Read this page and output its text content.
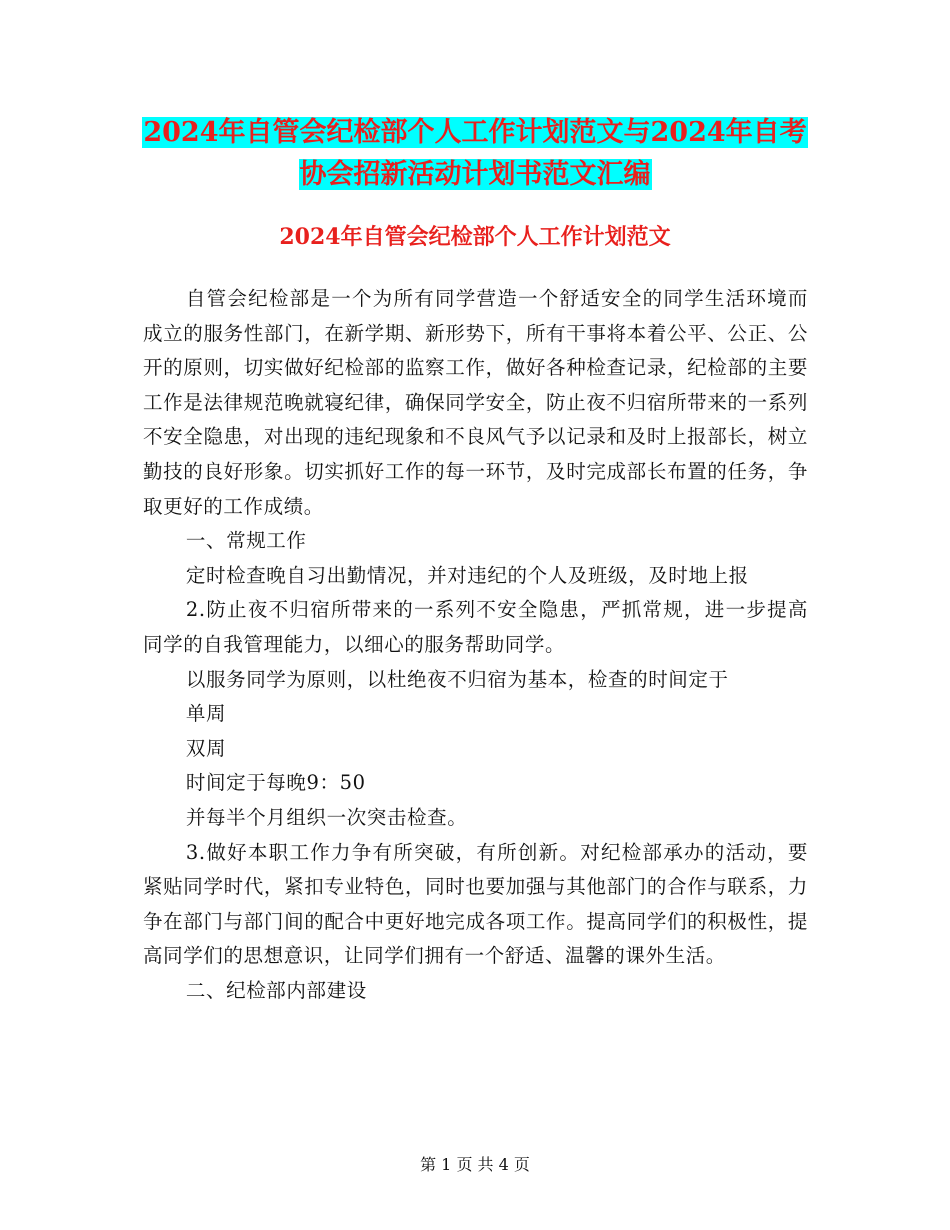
2024年自管会纪检部个人工作计划范文与2024年自考
协会招新活动计划书范文汇编
2024年自管会纪检部个人工作计划范文

自管会纪检部是一个为所有同学营造一个舒适安全的同学生活环境而成立的服务性部门，在新学期、新形势下，所有干事将本着公平、公正、公开的原则，切实做好纪检部的监察工作，做好各种检查记录，纪检部的主要工作是法律规范晚就寝纪律，确保同学安全，防止夜不归宿所带来的一系列不安全隐患，对出现的违纪现象和不良风气予以记录和及时上报部长，树立勤技的良好形象。切实抓好工作的每一环节，及时完成部长布置的任务，争取更好的工作成绩。

一、常规工作

定时检查晚自习出勤情况，并对违纪的个人及班级，及时地上报

2.防止夜不归宿所带来的一系列不安全隐患，严抓常规，进一步提高同学的自我管理能力，以细心的服务帮助同学。

以服务同学为原则，以杜绝夜不归宿为基本，检查的时间定于

单周

双周

时间定于每晚9：50

并每半个月组织一次突击检查。

3.做好本职工作力争有所突破，有所创新。对纪检部承办的活动，要紧贴同学时代，紧扣专业特色，同时也要加强与其他部门的合作与联系，力争在部门与部门间的配合中更好地完成各项工作。提高同学们的积极性，提高同学们的思想意识，让同学们拥有一个舒适、温馨的课外生活。

二、纪检部内部建设

第 1 页 共 4 页
